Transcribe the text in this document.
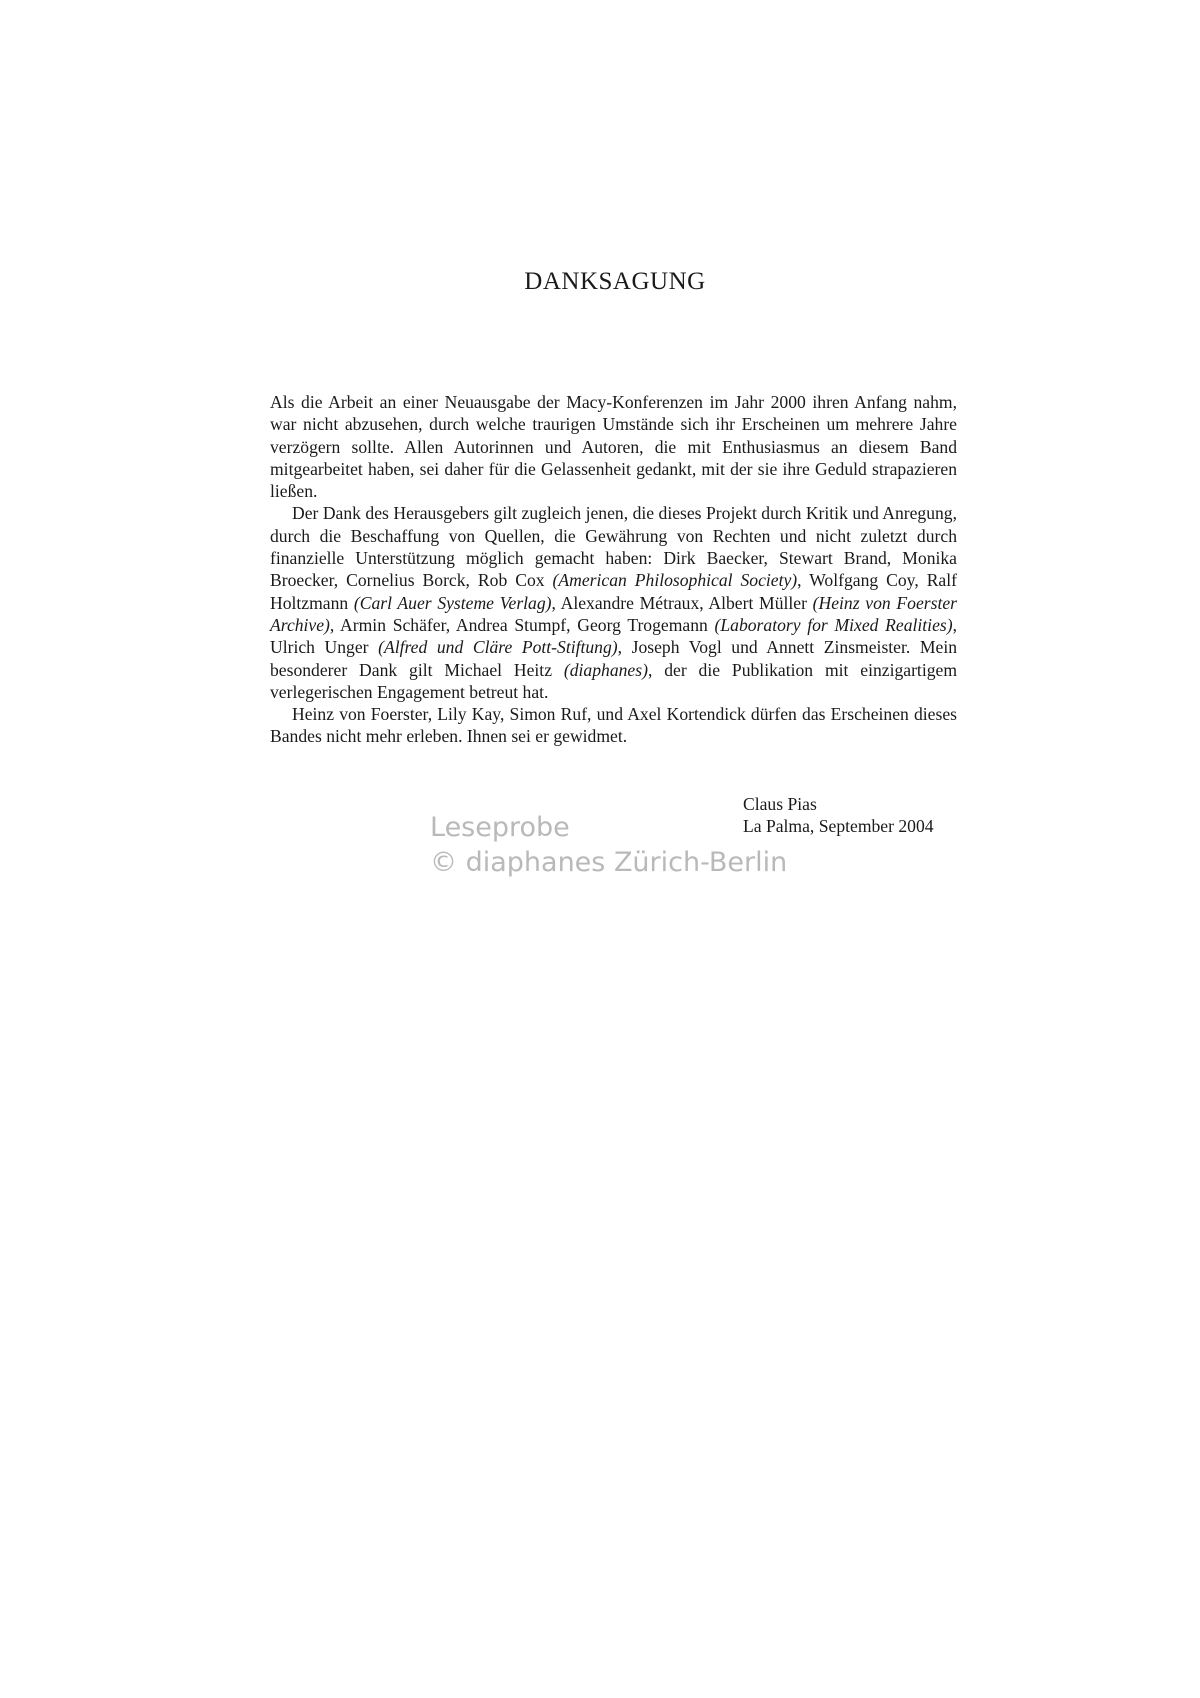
DANKSAGUNG

Als die Arbeit an einer Neuausgabe der Macy-Konferenzen im Jahr 2000 ihren Anfang nahm, war nicht abzusehen, durch welche traurigen Umstände sich ihr Erscheinen um mehrere Jahre verzögern sollte. Allen Autorinnen und Autoren, die mit Enthusiasmus an diesem Band mitgearbeitet haben, sei daher für die Gelassenheit gedankt, mit der sie ihre Geduld strapazieren ließen.

Der Dank des Herausgebers gilt zugleich jenen, die dieses Projekt durch Kritik und Anregung, durch die Beschaffung von Quellen, die Gewährung von Rechten und nicht zuletzt durch finanzielle Unterstützung möglich gemacht haben: Dirk Baecker, Stewart Brand, Monika Broecker, Cornelius Borck, Rob Cox (American Philosophical Society), Wolfgang Coy, Ralf Holtzmann (Carl Auer Systeme Verlag), Alexandre Métraux, Albert Müller (Heinz von Foerster Archive), Armin Schäfer, Andrea Stumpf, Georg Trogemann (Laboratory for Mixed Realities), Ulrich Unger (Alfred und Cläre Pott-Stiftung), Joseph Vogl und Annett Zinsmeister. Mein besonderer Dank gilt Michael Heitz (diaphanes), der die Publikation mit einzigartigem verlegerischen Engagement betreut hat.

Heinz von Foerster, Lily Kay, Simon Ruf, und Axel Kortendick dürfen das Erscheinen dieses Bandes nicht mehr erleben. Ihnen sei er gewidmet.

Claus Pias
La Palma, September 2004
Leseprobe
© diaphanes Zürich-Berlin
